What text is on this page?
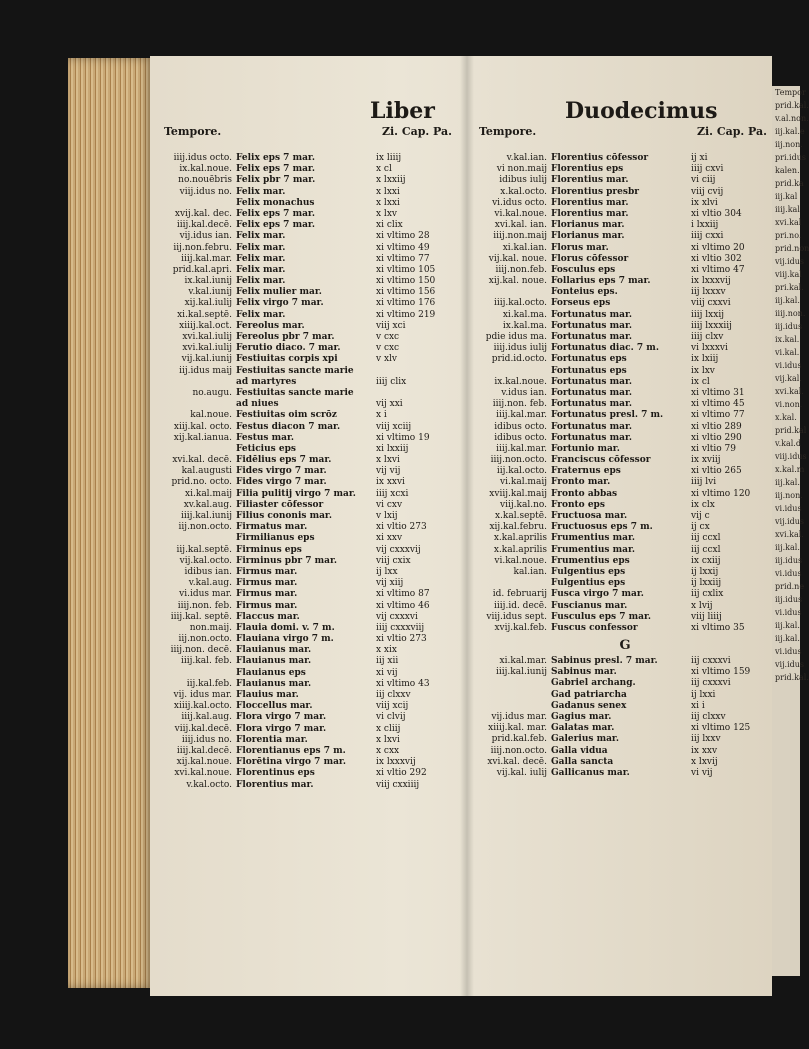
Tempor
prid.kal.
v.al.non.
iij.kal.e
iij.non.
pri.idus
kalen.
prid.ka
iij.kal
iiij.kal
xvi.kal
pri.no.
prid.non
vij.idus
viij.kal
pri.kal.
iij.kal.
iiij.non.
iij.idus
ix.kal.
vi.kal.
vi.idus
vij.kal.
xvi.kal.
vi.non.
x.kal.
prid.kal
v.kal.d
viij.idus
x.kal.m
iij.kal.
iij.non.
vi.idus
vij.idus
xvi.kal.
iij.kal.
iij.idus
vi.idus
prid.ne
iij.idus
vi.idus
iij.kal.
iij.kal.
vi.idus
vij.idus
prid.kal.
Liber	Duodecimus
Tempore.	Zi. Cap. Pa.
iiij.idus octo. Felix eps 7 mar.	ix liiij
ix.kal.noue. Felix eps 7 mar.	x cl
no.nouēbris Felix pbr 7 mar.	x lxxiij
viij.idus no. Felix mar.	x lxxi
Felix monachus	x lxxi
xvij.kal. dec. Felix eps 7 mar.	x lxv
iiij.kal.decē. Felix eps 7 mar.	xi clix
vij.idus ian. Felix mar.	xi vltimo 28
iij.non.febru. Felix mar.	xi vltimo 49
iiij.kal.mar. Felix mar.	xi vltimo 77
prid.kal.apri. Felix mar.	xi vltimo 105
ix.kal.iunij Felix mar.	xi vltimo 150
v.kal.iunij Felix mulier mar.	xi vltimo 156
xij.kal.iulij Felix virgo 7 mar.	xi vltimo 176
xi.kal.septē. Felix mar.	xi vltimo 219
xiiij.kal.oct. Fereolus mar.	viij xci
xvi.kal.iulij Fereolus pbr 7 mar.	v cxc
xvi.kal.iulij Ferutio diaco. 7 mar.	v cxc
vij.kal.iunij Festiuitas corpis xpi	v xlv
iij.idus maij Festiuitas sancte marie
ad martyres	iiij clix
no.augu. Festiuitas sancte marie
ad niues	vij xxi
kal.noue. Festiuitas oim scrōz	x i
xiij.kal. octo. Festus diacon 7 mar.	viij xciij
xij.kal.ianua. Festus mar.	xi vltimo 19
Feticius eps	xi lxxiij
xvi.kal. decē. Fidēlius eps 7 mar.	x lxvi
kal.augusti Fides virgo 7 mar.	vij vij
prid.no. octo. Fides virgo 7 mar.	ix xxvi
xi.kal.maij Filia pulitij virgo 7 mar.	iiij xcxi
xv.kal.aug. Filiaster cōfessor	vi cxv
iiij.kal.iunij Filius cononis mar.	v lxij
iij.non.octo. Firmatus mar.	xi vltio 273
Firmilianus eps	xi xxv
iij.kal.septē. Firminus eps	vij cxxxvij
vij.kal.octo. Firminus pbr 7 mar.	viij cxix
idibus ian. Firmus mar.	ij lxx
v.kal.aug. Firmus mar.	vij xiij
vi.idus mar. Firmus mar.	xi vltimo 87
iiij.non. feb. Firmus mar.	xi vltimo 46
iiij.kal. septē. Flaccus mar.	vij cxxxvi
non.maij. Flauia domi. v. 7 m.	iiij cxxxviij
iij.non.octo. Flauiana virgo 7 m.	xi vltio 273
iiij.non. decē. Flauianus mar.	x xix
iiij.kal. feb. Flauianus mar.	iij xii
Flauianus eps	xi vij
iij.kal.feb. Flauianus mar.	xi vltimo 43
vij. idus mar. Flauius mar.	iij clxxv
xiiij.kal.octo. Floccellus mar.	viij xcij
iiij.kal.aug. Flora virgo 7 mar.	vi clvij
viij.kal.decē. Flora virgo 7 mar.	x cliij
iiij.idus no. Florentia mar.	x lxvi
iiij.kal.decē. Florentianus eps 7 m.	x cxx
xij.kal.noue. Florētina virgo 7 mar.	ix lxxxvij
xvi.kal.noue. Florentinus eps	xi vltio 292
v.kal.octo. Florentius mar.	viij cxxiiij
Tempore.	Zi. Cap. Pa.
v.kal.ian. Florentius cōfessor	ij xi
vi non.maij Florentius eps	iiij cxvi
idibus iulij Florentius mar.	vi ciij
x.kal.octo. Florentius presbr	viij cvij
vi.idus octo. Florentius mar.	ix xlvi
vi.kal.noue. Florentius mar.	xi vltio 304
xvi.kal. ian. Florianus mar.	i lxxiij
iiij.non.maij Florianus mar.	iiij cxxi
xi.kal.ian. Florus mar.	xi vltimo 20
vij.kal. noue. Florus cōfessor	xi vltio 302
iiij.non.feb. Fosculus eps	xi vltimo 47
xij.kal. noue. Follarius eps 7 mar.	ix lxxxvij
Fonteius eps.	iij lxxxv
iiij.kal.octo. Forseus eps	viij cxxvi
xi.kal.ma. Fortunatus mar.	iiij lxxij
ix.kal.ma. Fortunatus mar.	iiij lxxxiij
pdie idus ma. Fortunatus mar.	iiij clxv
iiij.idus iulij Fortunatus diac. 7 m.	vi lxxxvi
prid.id.octo. Fortunatus eps	ix lxiij
Fortunatus eps	ix lxv
ix.kal.noue. Fortunatus mar.	ix cl
v.idus ian. Fortunatus mar.	xi vltimo 31
iiij.non. feb. Fortunatus mar.	xi vltimo 45
iiij.kal.mar. Fortunatus presl. 7 m.	xi vltimo 77
idibus octo. Fortunatus mar.	xi vltio 289
idibus octo. Fortunatus mar.	xi vltio 290
iiij.kal.mar. Fortunio mar.	xi vltio 79
iiij.non.octo. Franciscus cōfessor	ix xviij
iij.kal.octo. Fraternus eps	xi vltio 265
vi.kal.maij Fronto mar.	iiij lvi
xviij.kal.maij Fronto abbas	xi vltimo 120
viij.kal.no. Fronto eps	ix clx
x.kal.septē. Fructuosa mar.	vij c
xij.kal.febru. Fructuosus eps 7 m.	ij cx
x.kal.aprilis Frumentius mar.	iij ccxl
x.kal.aprilis Frumentius mar.	iij ccxl
vi.kal.noue. Frumentius eps	ix cxiij
kal.ian. Fulgentius eps	ij lxxij
Fulgentius eps	ij lxxiij
id. februarij Fusca virgo 7 mar.	iij cxlix
iiij.id. decē. Fuscianus mar.	x lvij
viij.idus sept. Fusculus eps 7 mar.	viij liiij
xvij.kal.feb. Fuscus confessor	xi vltimo 35
G
xi.kal.mar. Sabinus presl. 7 mar.	iij cxxxvi
iiij.kal.iunij Sabinus mar.	xi vltimo 159
Gabriel archang.	iij cxxxvi
Gad patriarcha	ij lxxi
Gadanus senex	xi i
vij.idus mar. Gagius mar.	iij clxxv
xiiij.kal. mar. Galatas mar.	xi vltimo 125
prid.kal.feb. Galerius mar.	iij lxxv
iiij.non.octo. Galla vidua	ix xxv
xvi.kal. decē. Galla sancta	x lxvij
vij.kal. iulij Gallicanus mar.	vi vij
